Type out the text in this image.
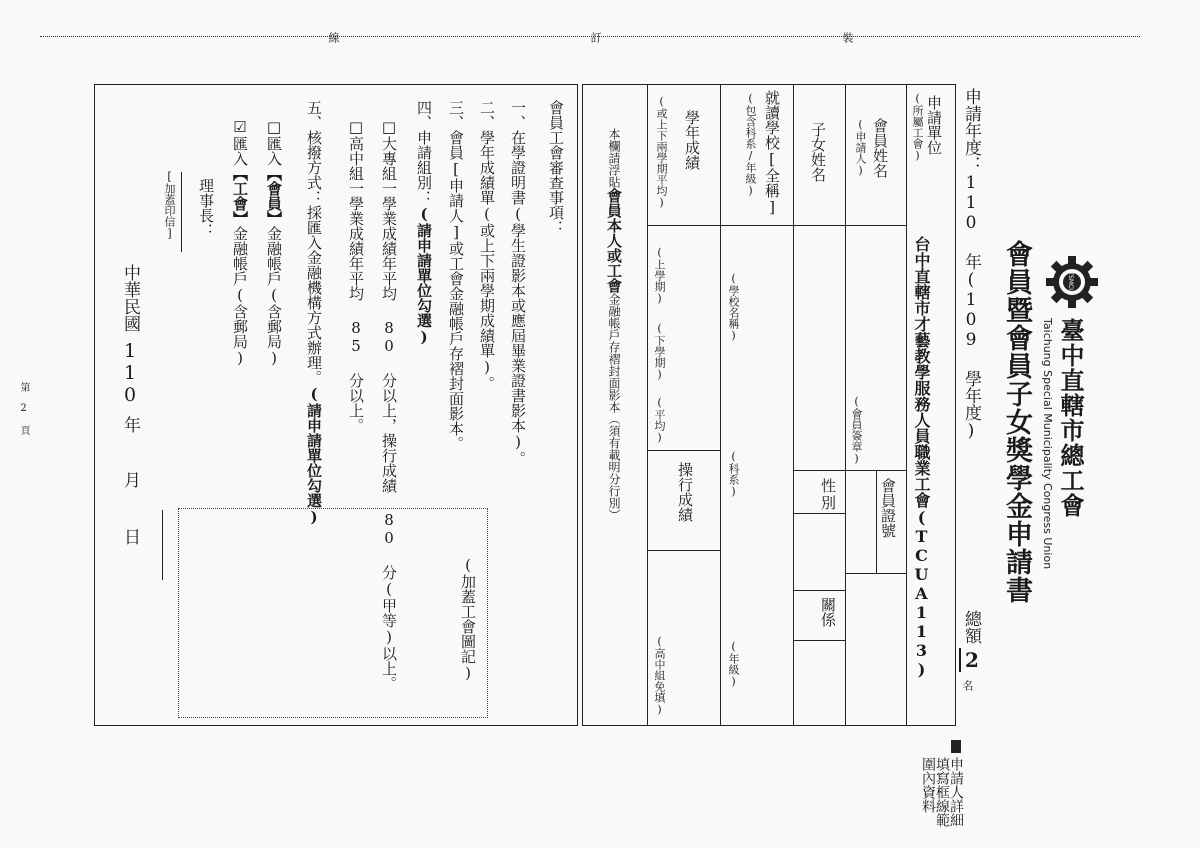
裝
訂
線
TSMCU
臺中直轄市總工會
Taichung Special Municipality Congress Union
會員暨會員子女獎學金申請書
總額
2
名
申請人詳細填寫框線範圍內資料
申請年度：110 年(109 學年度)
申請單位
(所屬工會)
台中直轄市才藝教學服務人員職業工會(TCUA113)
會員姓名
(申請人)
(會員簽章)
會員證號
子女姓名
性別
關係
就讀學校[全稱]
(包含科系/年級)
(學校名稱)
(科系)
(年級)
學年成績
(或上下兩學期平均)
(上學期)
(下學期)
(平均)
操行成績
(高中組免填)
本欄請浮貼會員本人或工會金融帳戶存褶封面影本（須有載明分行別）
會員工會審查事項：
一、在學證明書(學生證影本或應屆畢業證書影本)。
二、學年成績單(或上下兩學期成績單)。
三、會員[申請人]或工會金融帳戶存褶封面影本。
四、申請組別：(請申請單位勾選)
□大專組一學業成績年平均 80 分以上，操行成績 80 分(甲等)以上。
□高中組一學業成績年平均 85 分以上。
五、核撥方式：採匯入金融機構方式辦理。(請申請單位勾選)
□匯入【會員】金融帳戶(含郵局)
☑匯入【工會】金融帳戶(含郵局)
理事長：
[加蓋印信]
(加蓋工會圖記)
中華民國110年月日
第 2 頁
